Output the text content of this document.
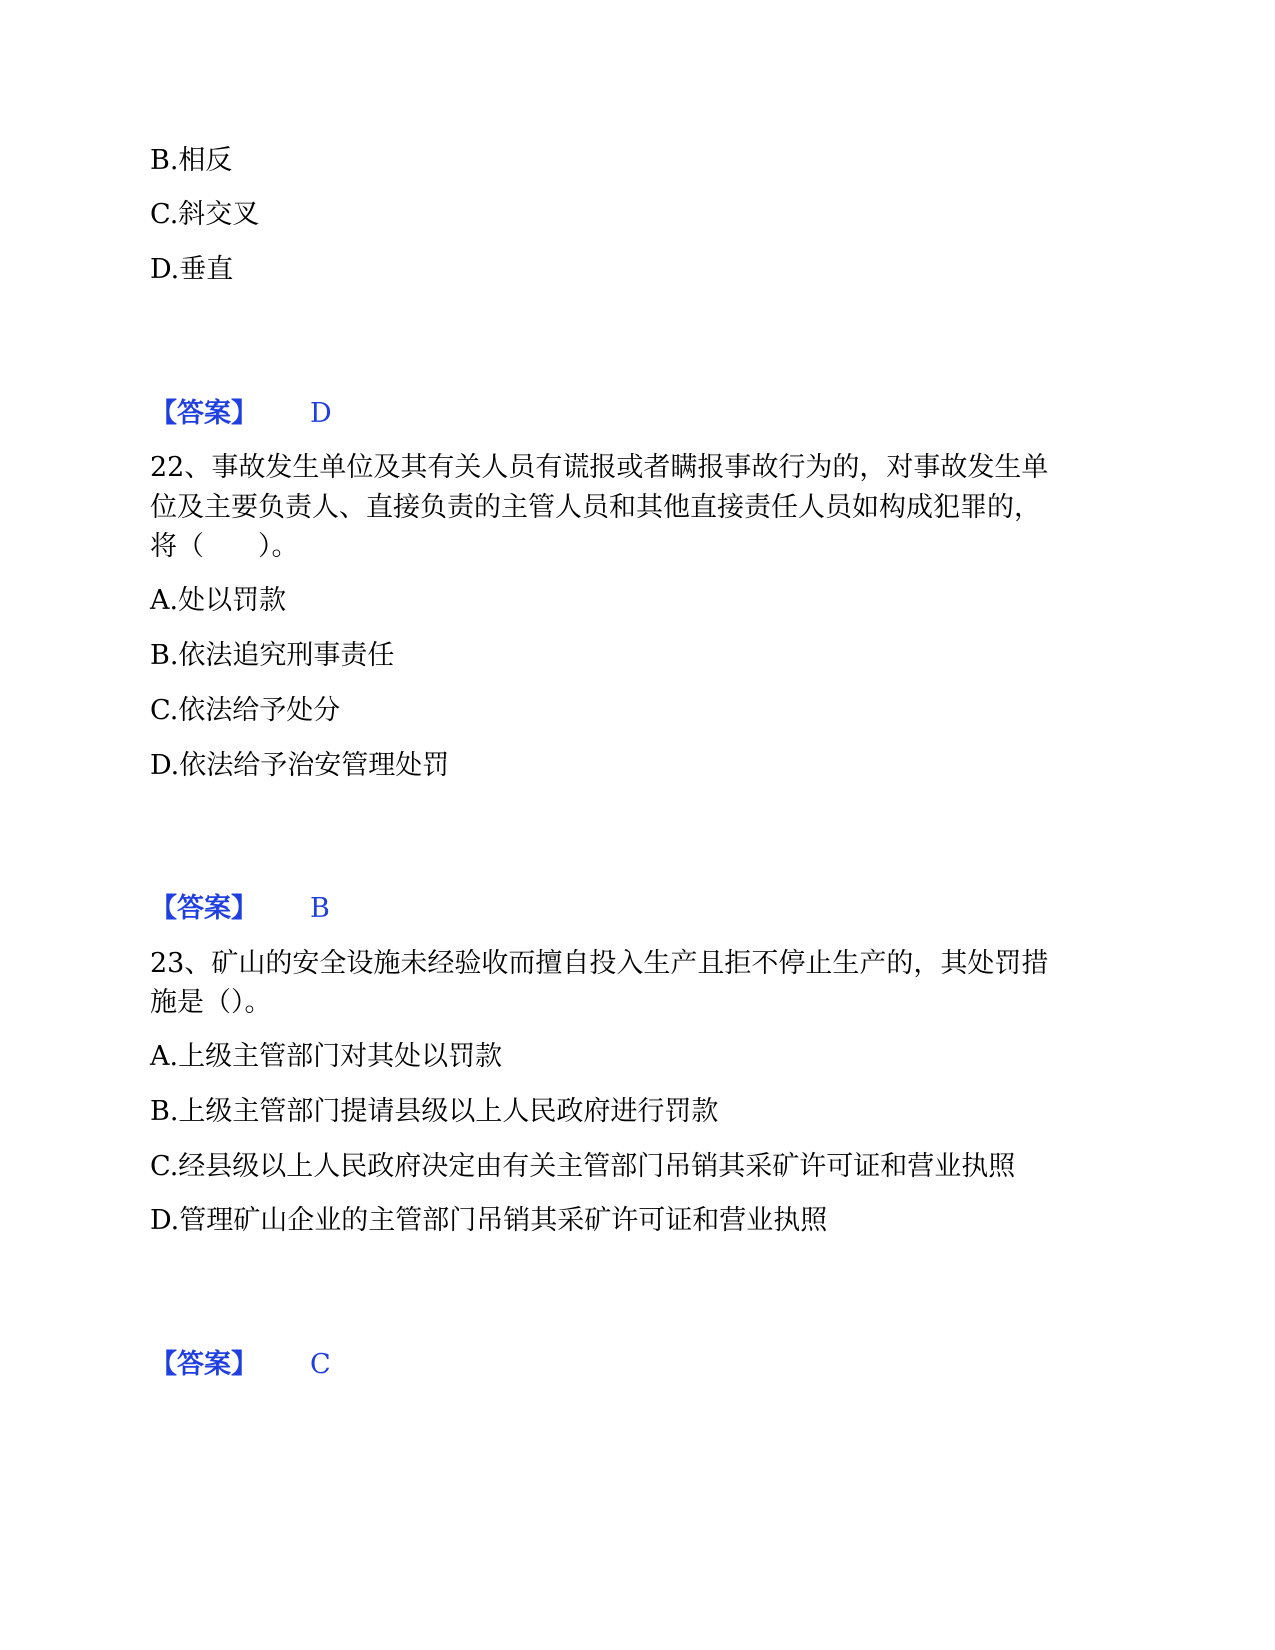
B.相反
C.斜交叉
D.垂直
【答案】 D
22、事故发生单位及其有关人员有谎报或者瞒报事故行为的，对事故发生单
位及主要负责人、直接负责的主管人员和其他直接责任人员如构成犯罪的，
将（　　）。
A.处以罚款
B.依法追究刑事责任
C.依法给予处分
D.依法给予治安管理处罚
【答案】 B
23、矿山的安全设施未经验收而擅自投入生产且拒不停止生产的，其处罚措
施是（）。
A.上级主管部门对其处以罚款
B.上级主管部门提请县级以上人民政府进行罚款
C.经县级以上人民政府决定由有关主管部门吊销其采矿许可证和营业执照
D.管理矿山企业的主管部门吊销其采矿许可证和营业执照
【答案】 C
